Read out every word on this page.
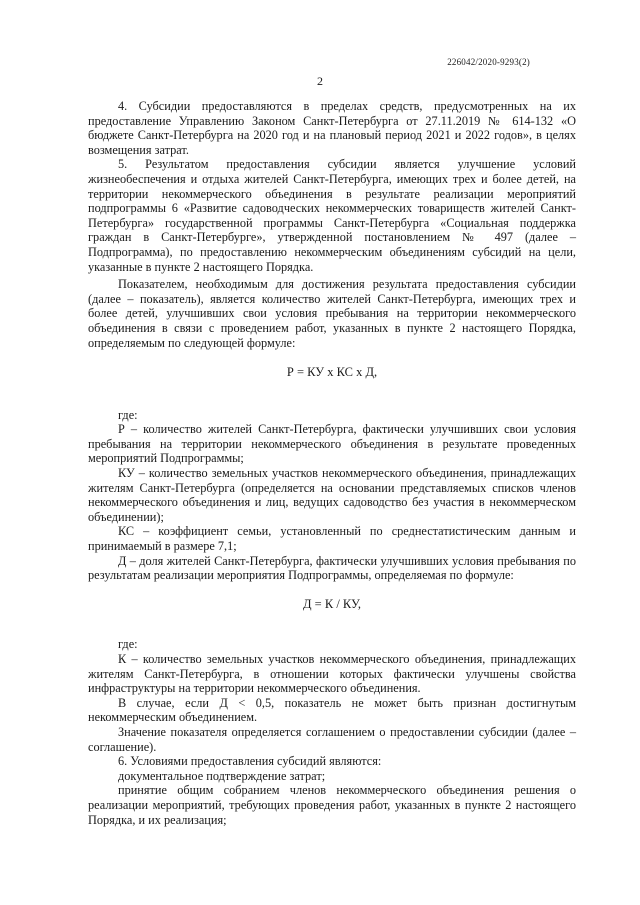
226042/2020-9293(2)
2

4. Субсидии предоставляются в пределах средств, предусмотренных на их предоставление Управлению Законом Санкт-Петербурга от 27.11.2019 № 614-132 «О бюджете Санкт-Петербурга на 2020 год и на плановый период 2021 и 2022 годов», в целях возмещения затрат.

5. Результатом предоставления субсидии является улучшение условий жизнеобеспечения и отдыха жителей Санкт-Петербурга, имеющих трех и более детей, на территории некоммерческого объединения в результате реализации мероприятий подпрограммы 6 «Развитие садоводческих некоммерческих товариществ жителей Санкт-Петербурга» государственной программы Санкт-Петербурга «Социальная поддержка граждан в Санкт-Петербурге», утвержденной постановлением № 497 (далее – Подпрограмма), по предоставлению некоммерческим объединениям субсидий на цели, указанные в пункте 2 настоящего Порядка.

Показателем, необходимым для достижения результата предоставления субсидии (далее – показатель), является количество жителей Санкт-Петербурга, имеющих трех и более детей, улучшивших свои условия пребывания на территории некоммерческого объединения в связи с проведением работ, указанных в пункте 2 настоящего Порядка, определяемым по следующей формуле:

Р = КУ х КС х Д,

где:

Р – количество жителей Санкт-Петербурга, фактически улучшивших свои условия пребывания на территории некоммерческого объединения в результате проведенных мероприятий Подпрограммы;

КУ – количество земельных участков некоммерческого объединения, принадлежащих жителям Санкт-Петербурга (определяется на основании представляемых списков членов некоммерческого объединения и лиц, ведущих садоводство без участия в некоммерческом объединении);

КС – коэффициент семьи, установленный по среднестатистическим данным и принимаемый в размере 7,1;

Д – доля жителей Санкт-Петербурга, фактически улучшивших условия пребывания по результатам реализации мероприятия Подпрограммы, определяемая по формуле:

Д = К / КУ,

где:

К – количество земельных участков некоммерческого объединения, принадлежащих жителям Санкт-Петербурга, в отношении которых фактически улучшены свойства инфраструктуры на территории некоммерческого объединения.

В случае, если Д < 0,5, показатель не может быть признан достигнутым некоммерческим объединением.

Значение показателя определяется соглашением о предоставлении субсидии (далее – соглашение).

6. Условиями предоставления субсидий являются:

документальное подтверждение затрат;

принятие общим собранием членов некоммерческого объединения решения о реализации мероприятий, требующих проведения работ, указанных в пункте 2 настоящего Порядка, и их реализация;
